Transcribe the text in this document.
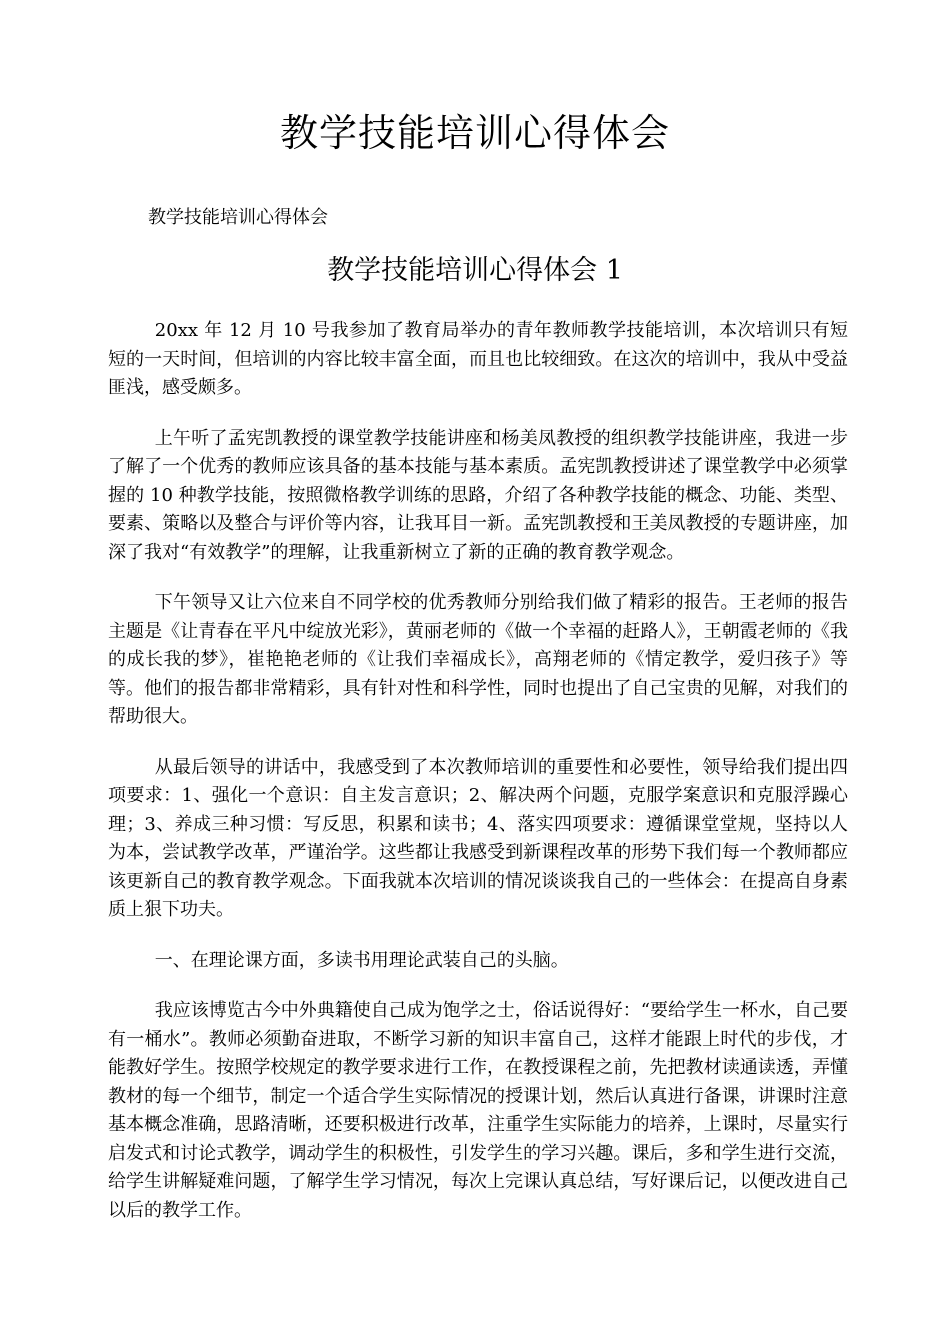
教学技能培训心得体会
教学技能培训心得体会
教学技能培训心得体会 1

20xx 年 12 月 10 号我参加了教育局举办的青年教师教学技能培训，本次培训只有短短的一天时间，但培训的内容比较丰富全面，而且也比较细致。在这次的培训中，我从中受益匪浅，感受颇多。

上午听了孟宪凯教授的课堂教学技能讲座和杨美凤教授的组织教学技能讲座，我进一步了解了一个优秀的教师应该具备的基本技能与基本素质。孟宪凯教授讲述了课堂教学中必须掌握的 10 种教学技能，按照微格教学训练的思路，介绍了各种教学技能的概念、功能、类型、要素、策略以及整合与评价等内容，让我耳目一新。孟宪凯教授和王美凤教授的专题讲座，加深了我对“有效教学”的理解，让我重新树立了新的正确的教育教学观念。

下午领导又让六位来自不同学校的优秀教师分别给我们做了精彩的报告。王老师的报告主题是《让青春在平凡中绽放光彩》，黄丽老师的《做一个幸福的赶路人》，王朝霞老师的《我的成长我的梦》，崔艳艳老师的《让我们幸福成长》，高翔老师的《情定教学，爱归孩子》等等。他们的报告都非常精彩，具有针对性和科学性，同时也提出了自己宝贵的见解，对我们的帮助很大。

从最后领导的讲话中，我感受到了本次教师培训的重要性和必要性，领导给我们提出四项要求：1、强化一个意识：自主发言意识；2、解决两个问题，克服学案意识和克服浮躁心理；3、养成三种习惯：写反思，积累和读书；4、落实四项要求：遵循课堂堂规，坚持以人为本，尝试教学改革，严谨治学。这些都让我感受到新课程改革的形势下我们每一个教师都应该更新自己的教育教学观念。下面我就本次培训的情况谈谈我自己的一些体会：在提高自身素质上狠下功夫。

一、在理论课方面，多读书用理论武装自己的头脑。

我应该博览古今中外典籍使自己成为饱学之士，俗话说得好：“要给学生一杯水，自己要有一桶水”。教师必须勤奋进取，不断学习新的知识丰富自己，这样才能跟上时代的步伐，才能教好学生。按照学校规定的教学要求进行工作，在教授课程之前，先把教材读通读透，弄懂教材的每一个细节，制定一个适合学生实际情况的授课计划，然后认真进行备课，讲课时注意基本概念准确，思路清晰，还要积极进行改革，注重学生实际能力的培养，上课时，尽量实行启发式和讨论式教学，调动学生的积极性，引发学生的学习兴趣。课后，多和学生进行交流，给学生讲解疑难问题，了解学生学习情况，每次上完课认真总结，写好课后记，以便改进自己以后的教学工作。
